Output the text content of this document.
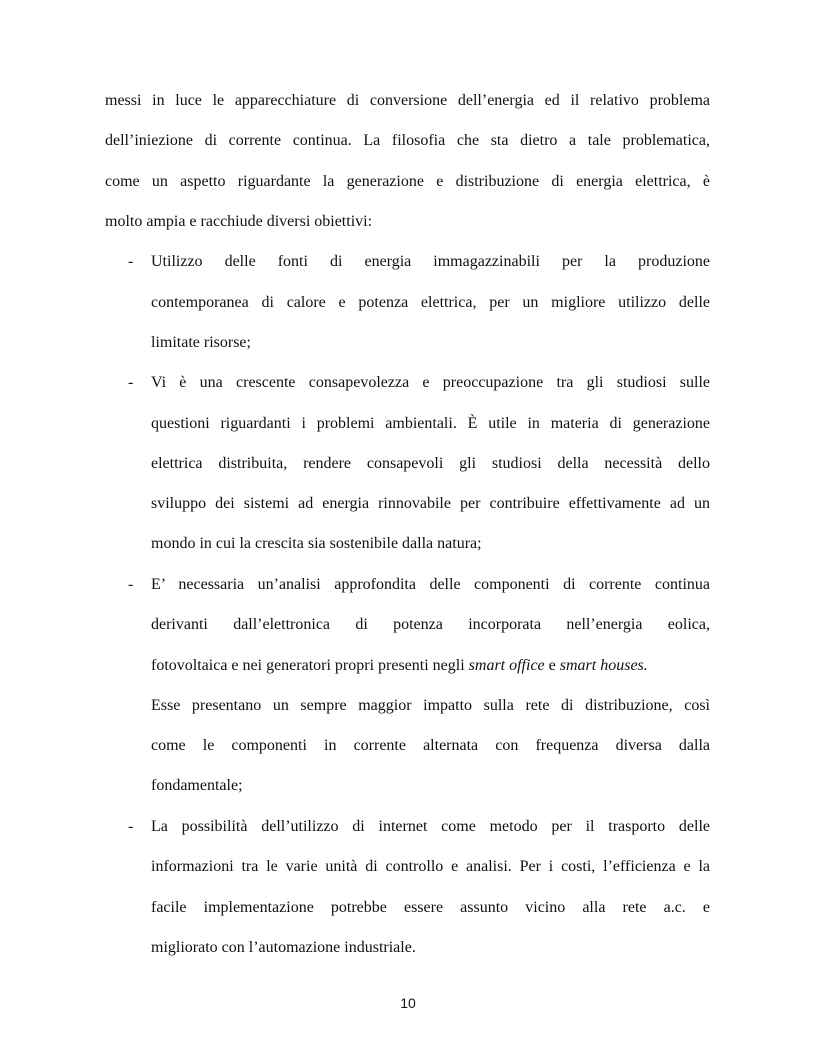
messi in luce le apparecchiature di conversione dell’energia ed il relativo problema
dell’iniezione di corrente continua. La filosofia che sta dietro a tale problematica,
come un aspetto riguardante la generazione e distribuzione di energia elettrica, è
molto ampia e racchiude diversi obiettivi:
- Utilizzo delle fonti di energia immagazzinabili per la produzione
contemporanea di calore e potenza elettrica, per un migliore utilizzo delle
limitate risorse;
- Vi è una crescente consapevolezza e preoccupazione tra gli studiosi sulle
questioni riguardanti i problemi ambientali. È utile in materia di generazione
elettrica distribuita, rendere consapevoli gli studiosi della necessità dello
sviluppo dei sistemi ad energia rinnovabile per contribuire effettivamente ad un
mondo in cui la crescita sia sostenibile dalla natura;
- E’ necessaria un’analisi approfondita delle componenti di corrente continua
derivanti dall’elettronica di potenza incorporata nell’energia eolica,
fotovoltaica e nei generatori propri presenti negli smart office e smart houses.
Esse presentano un sempre maggior impatto sulla rete di distribuzione, così
come le componenti in corrente alternata con frequenza diversa dalla
fondamentale;
- La possibilità dell’utilizzo di internet come metodo per il trasporto delle
informazioni tra le varie unità di controllo e analisi. Per i costi, l’efficienza e la
facile implementazione potrebbe essere assunto vicino alla rete a.c. e
migliorato con l’automazione industriale.
10
